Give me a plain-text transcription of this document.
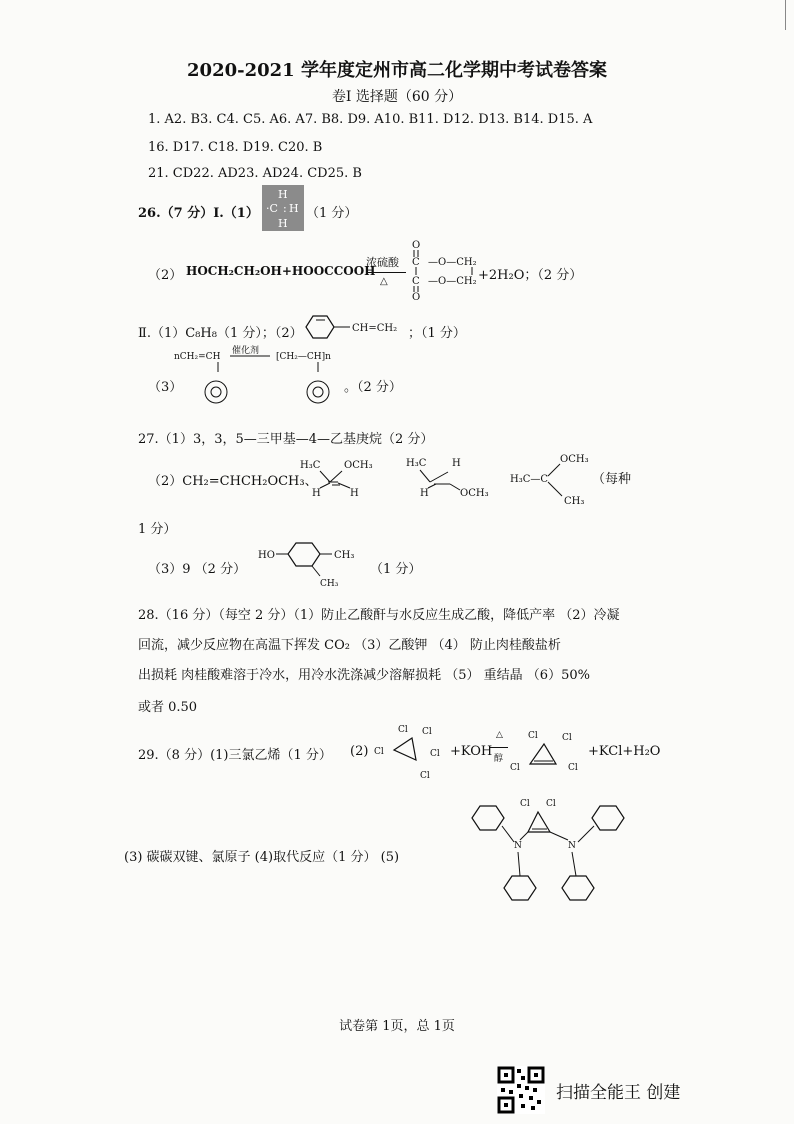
2020-2021 学年度定州市高二化学期中考试卷答案
卷Ⅰ 选择题（60 分）
1. A2. B3. C4. C5. A6. A7. B8. D9. A10. B11. D12. D13. B14. D15. A
16. D17. C18. D19. C20. B
21. CD22. AD23. AD24. CD25. B
26.（7 分）Ⅰ.（1）
H
·C : H
H
（1 分）
（2） HOCH₂CH₂OH+HOOCCOOH
浓硫酸
△
O
O
C
C
—O—CH₂
—O—CH₂ +2H₂O；（2 分）
Ⅱ.（1）C₈H₈（1 分）；（2）	CH=CH₂ ；（1 分）
nCH₂=CH	[CH₂—CH]n
催化剂
（3）	。（2 分）
27.（1）3，3，5—三甲基—4—乙基庚烷（2 分）
（2）CH₂=CHCH₂OCH₃、
H₃C OCH₃
H	H
H₃C	H
H	OCH₃
H₃C—C
OCH₃
CH₃
（每种
1 分）
（3）9 （2 分）
HO	CH₃
CH₃
（1 分）
28.（16 分）（每空 2 分）（1）防止乙酸酐与水反应生成乙酸，降低产率 （2）冷凝
回流，减少反应物在高温下挥发 CO₂ （3）乙酸钾 （4） 防止肉桂酸盐析
出损耗 肉桂酸难溶于冷水，用冷水洗涤减少溶解损耗 （5） 重结晶 （6）50%
或者 0.50
29.（8 分）(1)三氯乙烯（1 分） (2)
Cl Cl
Cl	Cl
Cl
+KOH
△
醇
Cl	Cl
Cl	Cl
+KCl+H₂O
(3) 碳碳双键、氯原子 (4)取代反应（1 分） (5)
Cl Cl
N	N
试卷第 1页，总 1页
扫描全能王 创建
